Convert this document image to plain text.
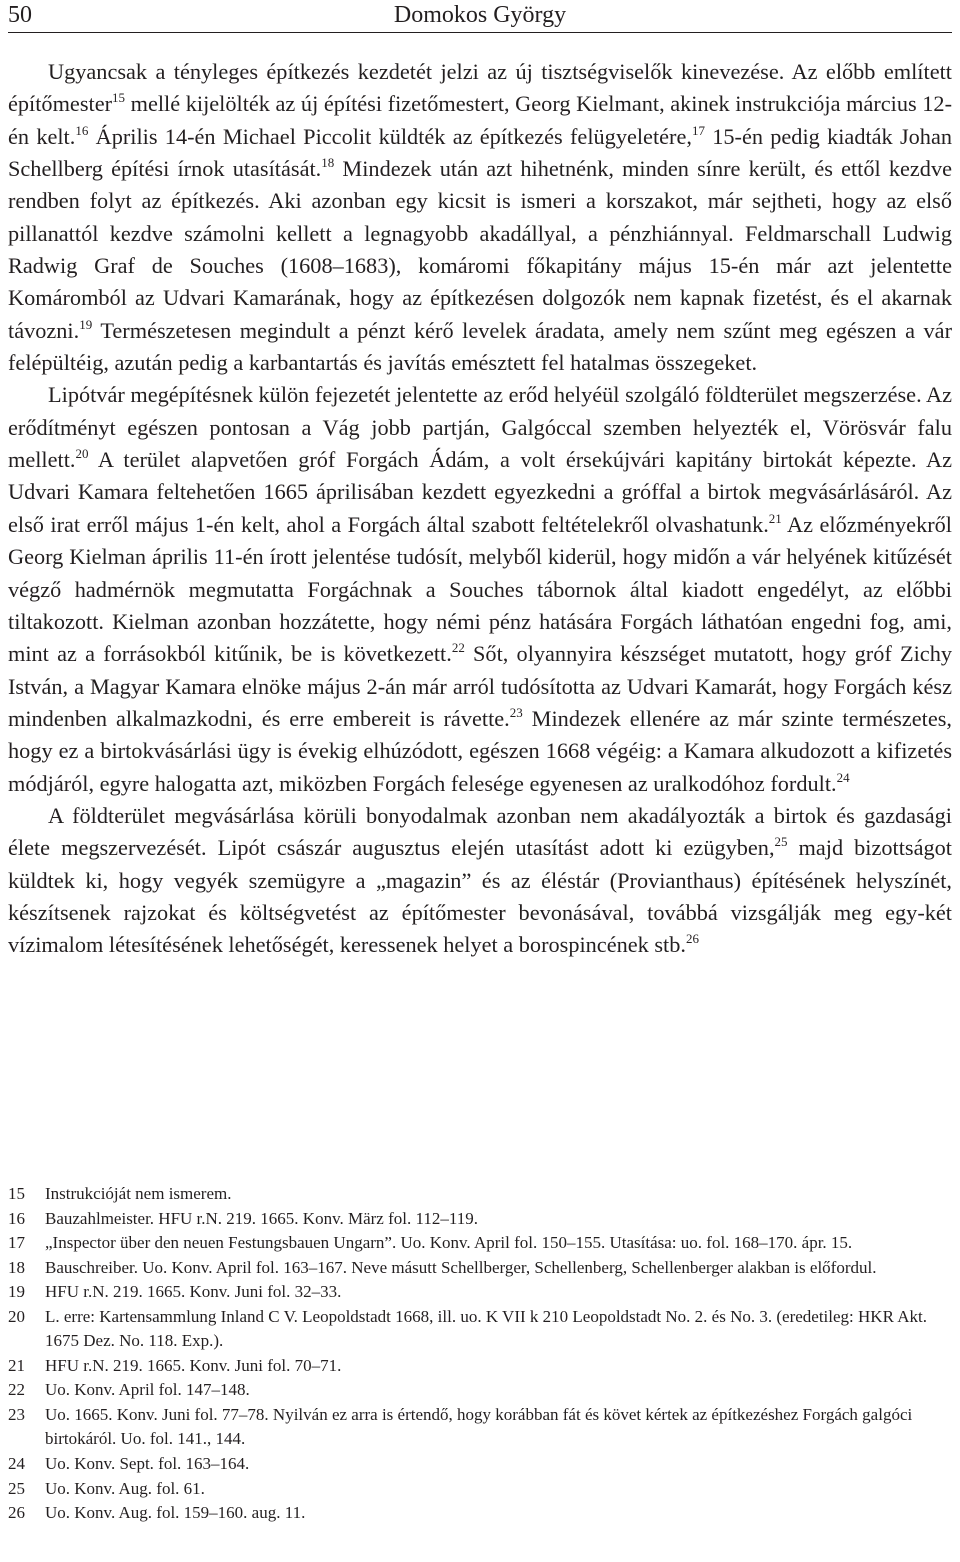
50	Domokos György

Ugyancsak a tényleges építkezés kezdetét jelzi az új tisztségviselők kinevezése. Az előbb említett építőmester$^{15}$ mellé kijelölték az új építési fizetőmestert, Georg Kielmant, akinek instrukciója március 12-én kelt.$^{16}$ Április 14-én Michael Piccolit küldték az építkezés felügyeletére,$^{17}$ 15-én pedig kiadták Johan Schellberg építési írnok utasítását.$^{18}$ Mindezek után azt hihetnénk, minden sínre került, és ettől kezdve rendben folyt az építkezés. Aki azonban egy kicsit is ismeri a korszakot, már sejtheti, hogy az első pillanattól kezdve számolni kellett a legnagyobb akadállyal, a pénzhiánnyal. Feldmarschall Ludwig Radwig Graf de Souches (1608–1683), komáromi főkapitány május 15-én már azt jelentette Komáromból az Udvari Kamarának, hogy az építkezésen dolgozók nem kapnak fizetést, és el akarnak távozni.$^{19}$ Természetesen megindult a pénzt kérő levelek áradata, amely nem szűnt meg egészen a vár felépültéig, azután pedig a karbantartás és javítás emésztett fel hatalmas összegeket.

Lipótvár megépítésnek külön fejezetét jelentette az erőd helyéül szolgáló földterület megszerzése. Az erődítményt egészen pontosan a Vág jobb partján, Galgóccal szemben helyezték el, Vörösvár falu mellett.$^{20}$ A terület alapvetően gróf Forgách Ádám, a volt érsekújvári kapitány birtokát képezte. Az Udvari Kamara feltehetően 1665 áprilisában kezdett egyezkedni a gróffal a birtok megvásárlásáról. Az első irat erről május 1-én kelt, ahol a Forgách által szabott feltételekről olvashatunk.$^{21}$ Az előzményekről Georg Kielman április 11-én írott jelentése tudósít, melyből kiderül, hogy midőn a vár helyének kitűzését végző hadmérnök megmutatta Forgáchnak a Souches tábornok által kiadott engedélyt, az előbbi tiltakozott. Kielman azonban hozzátette, hogy némi pénz hatására Forgách láthatóan engedni fog, ami, mint az a forrásokból kitűnik, be is következett.$^{22}$ Sőt, olyannyira készséget mutatott, hogy gróf Zichy István, a Magyar Kamara elnöke május 2-án már arról tudósította az Udvari Kamarát, hogy Forgách kész mindenben alkalmazkodni, és erre embereit is rávette.$^{23}$ Mindezek ellenére az már szinte természetes, hogy ez a birtokvásárlási ügy is évekig elhúzódott, egészen 1668 végéig: a Kamara alkudozott a kifizetés módjáról, egyre halogatta azt, miközben Forgách felesége egyenesen az uralkodóhoz fordult.$^{24}$

A földterület megvásárlása körüli bonyodalmak azonban nem akadályozták a birtok és gazdasági élete megszervezését. Lipót császár augusztus elején utasítást adott ki ezügyben,$^{25}$ majd bizottságot küldtek ki, hogy vegyék szemügyre a „magazin” és az éléstár (Provianthaus) építésének helyszínét, készítsenek rajzokat és költségvetést az építőmester bevonásával, továbbá vizsgálják meg egy-két vízimalom létesítésének lehetőségét, keressenek helyet a borospincének stb.$^{26}$

15	Instrukcióját nem ismerem.
16	Bauzahlmeister. HFU r.N. 219. 1665. Konv. März fol. 112–119.
17	„Inspector über den neuen Festungsbauen Ungarn”. Uo. Konv. April fol. 150–155. Utasítása: uo. fol. 168–170. ápr. 15.
18	Bauschreiber. Uo. Konv. April fol. 163–167. Neve másutt Schellberger, Schellenberg, Schellenberger alakban is előfordul.
19	HFU r.N. 219. 1665. Konv. Juni fol. 32–33.
20	L. erre: Kartensammlung Inland C V. Leopoldstadt 1668, ill. uo. K VII k 210 Leopoldstadt No. 2. és No. 3. (eredetileg: HKR Akt. 1675 Dez. No. 118. Exp.).
21	HFU r.N. 219. 1665. Konv. Juni fol. 70–71.
22	Uo. Konv. April fol. 147–148.
23	Uo. 1665. Konv. Juni fol. 77–78. Nyilván ez arra is értendő, hogy korábban fát és követ kértek az építkezéshez Forgách galgóci birtokáról. Uo. fol. 141., 144.
24	Uo. Konv. Sept. fol. 163–164.
25	Uo. Konv. Aug. fol. 61.
26	Uo. Konv. Aug. fol. 159–160. aug. 11.
